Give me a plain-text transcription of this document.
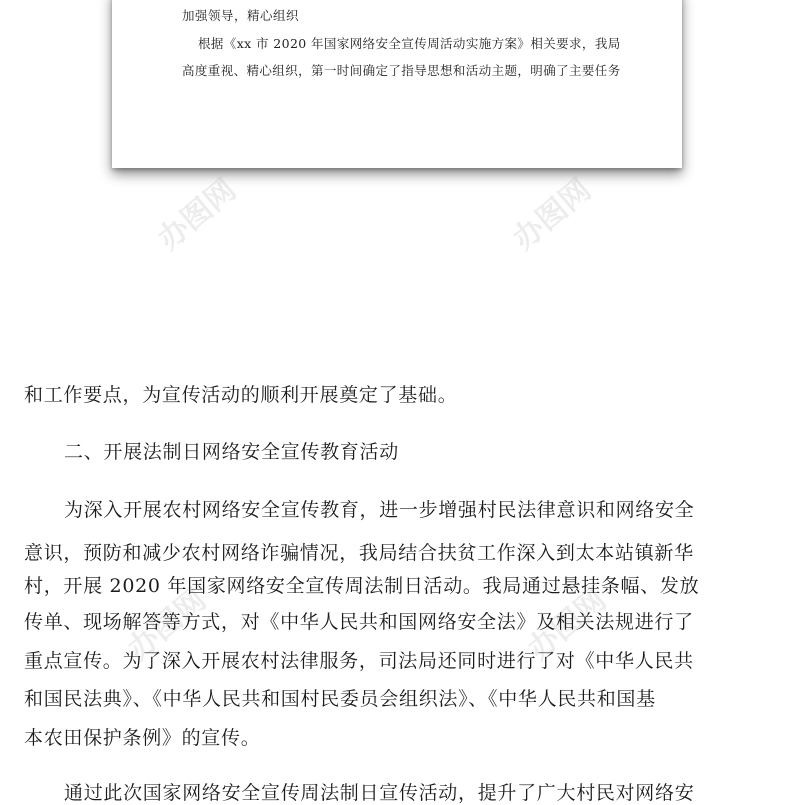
加强领导，精心组织
根据《xx 市 2020 年国家网络安全宣传周活动实施方案》相关要求，我局
高度重视、精心组织，第一时间确定了指导思想和活动主题，明确了主要任务
办图网	办图网
办图网	办图网
和工作要点，为宣传活动的顺利开展奠定了基础。
二、开展法制日网络安全宣传教育活动
为深入开展农村网络安全宣传教育，进一步增强村民法律意识和网络安全
意识，预防和减少农村网络诈骗情况，我局结合扶贫工作深入到太本站镇新华
村，开展 2020 年国家网络安全宣传周法制日活动。我局通过悬挂条幅、发放
传单、现场解答等方式，对《中华人民共和国网络安全法》及相关法规进行了
重点宣传。为了深入开展农村法律服务，司法局还同时进行了对《中华人民共
和国民法典》、《中华人民共和国村民委员会组织法》、《中华人民共和国基
本农田保护条例》的宣传。
通过此次国家网络安全宣传周法制日宣传活动，提升了广大村民对网络安
